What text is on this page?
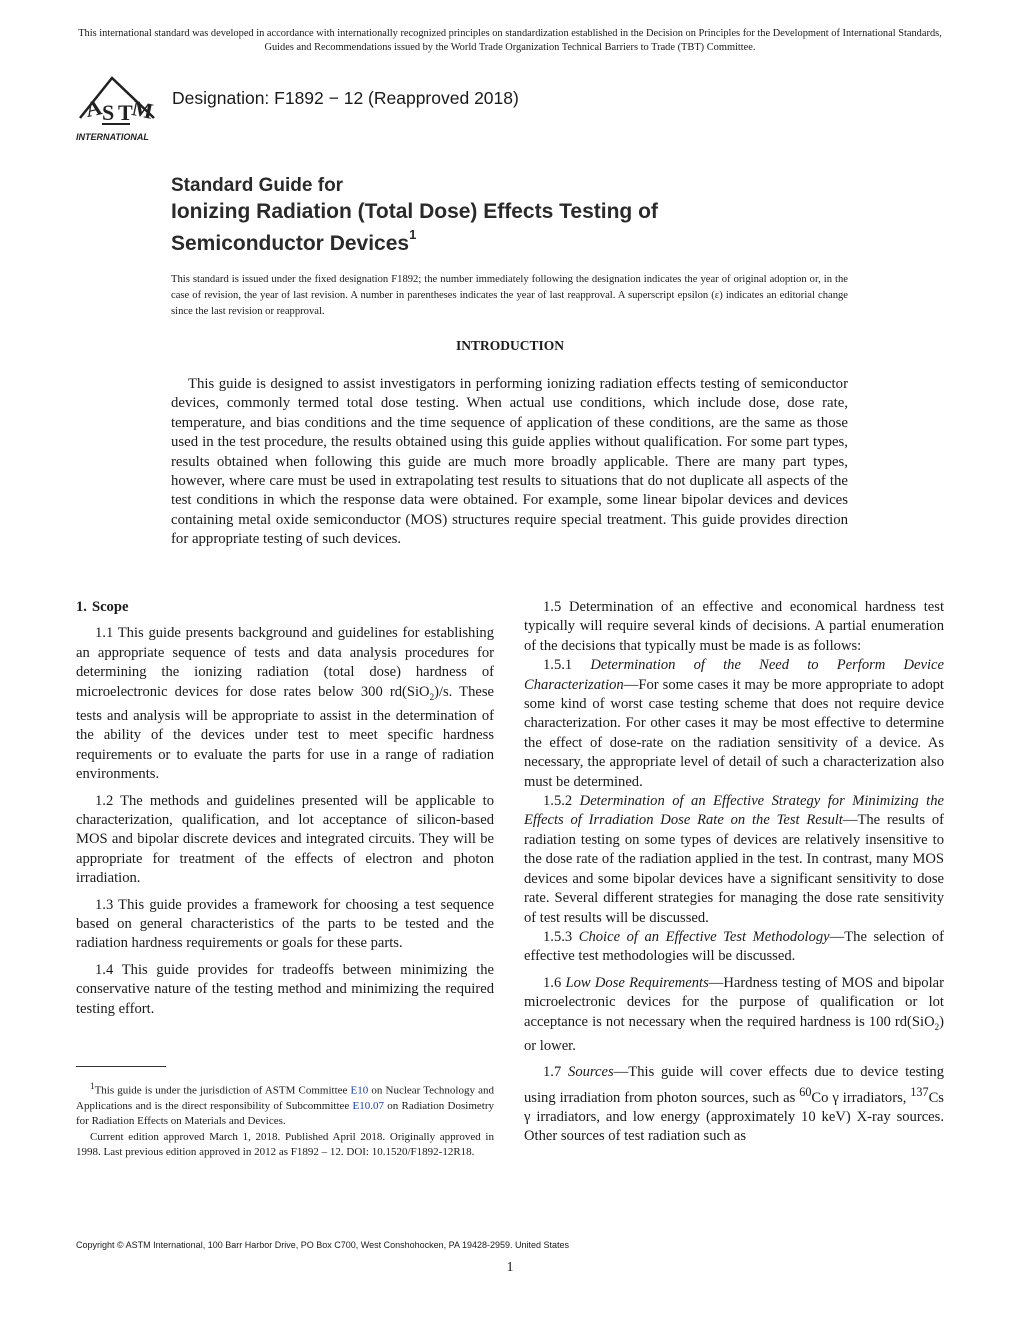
This international standard was developed in accordance with internationally recognized principles on standardization established in the Decision on Principles for the Development of International Standards, Guides and Recommendations issued by the World Trade Organization Technical Barriers to Trade (TBT) Committee.
A
S T
M
INTERNATIONAL
Designation: F1892 − 12 (Reapproved 2018)
Standard Guide for
Ionizing Radiation (Total Dose) Effects Testing of
Semiconductor Devices$^1$
This standard is issued under the fixed designation F1892; the number immediately following the designation indicates the year of original adoption or, in the case of revision, the year of last revision. A number in parentheses indicates the year of last reapproval. A superscript epsilon (ε) indicates an editorial change since the last revision or reapproval.
INTRODUCTION

This guide is designed to assist investigators in performing ionizing radiation effects testing of semiconductor devices, commonly termed total dose testing. When actual use conditions, which include dose, dose rate, temperature, and bias conditions and the time sequence of application of these conditions, are the same as those used in the test procedure, the results obtained using this guide applies without qualification. For some part types, results obtained when following this guide are much more broadly applicable. There are many part types, however, where care must be used in extrapolating test results to situations that do not duplicate all aspects of the test conditions in which the response data were obtained. For example, some linear bipolar devices and devices containing metal oxide semiconductor (MOS) structures require special treatment. This guide provides direction for appropriate testing of such devices.

1. Scope

1.1 This guide presents background and guidelines for establishing an appropriate sequence of tests and data analysis procedures for determining the ionizing radiation (total dose) hardness of microelectronic devices for dose rates below 300 rd(SiO$_2$)/s. These tests and analysis will be appropriate to assist in the determination of the ability of the devices under test to meet specific hardness requirements or to evaluate the parts for use in a range of radiation environments.

1.2 The methods and guidelines presented will be applicable to characterization, qualification, and lot acceptance of silicon-based MOS and bipolar discrete devices and integrated circuits. They will be appropriate for treatment of the effects of electron and photon irradiation.

1.3 This guide provides a framework for choosing a test sequence based on general characteristics of the parts to be tested and the radiation hardness requirements or goals for these parts.

1.4 This guide provides for tradeoffs between minimizing the conservative nature of the testing method and minimizing the required testing effort.

1.5 Determination of an effective and economical hardness test typically will require several kinds of decisions. A partial enumeration of the decisions that typically must be made is as follows:

1.5.1 Determination of the Need to Perform Device Characterization—For some cases it may be more appropriate to adopt some kind of worst case testing scheme that does not require device characterization. For other cases it may be most effective to determine the effect of dose-rate on the radiation sensitivity of a device. As necessary, the appropriate level of detail of such a characterization also must be determined.

1.5.2 Determination of an Effective Strategy for Minimizing the Effects of Irradiation Dose Rate on the Test Result—The results of radiation testing on some types of devices are relatively insensitive to the dose rate of the radiation applied in the test. In contrast, many MOS devices and some bipolar devices have a significant sensitivity to dose rate. Several different strategies for managing the dose rate sensitivity of test results will be discussed.

1.5.3 Choice of an Effective Test Methodology—The selection of effective test methodologies will be discussed.

1.6 Low Dose Requirements—Hardness testing of MOS and bipolar microelectronic devices for the purpose of qualification or lot acceptance is not necessary when the required hardness is 100 rd(SiO$_2$) or lower.

1.7 Sources—This guide will cover effects due to device testing using irradiation from photon sources, such as $^{60}$Co γ irradiators, $^{137}$Cs γ irradiators, and low energy (approximately 10 keV) X-ray sources. Other sources of test radiation such as

$^1$This guide is under the jurisdiction of ASTM Committee E10 on Nuclear Technology and Applications and is the direct responsibility of Subcommittee E10.07 on Radiation Dosimetry for Radiation Effects on Materials and Devices.

Current edition approved March 1, 2018. Published April 2018. Originally approved in 1998. Last previous edition approved in 2012 as F1892 – 12. DOI: 10.1520/F1892-12R18.

Copyright © ASTM International, 100 Barr Harbor Drive, PO Box C700, West Conshohocken, PA 19428-2959. United States
1
